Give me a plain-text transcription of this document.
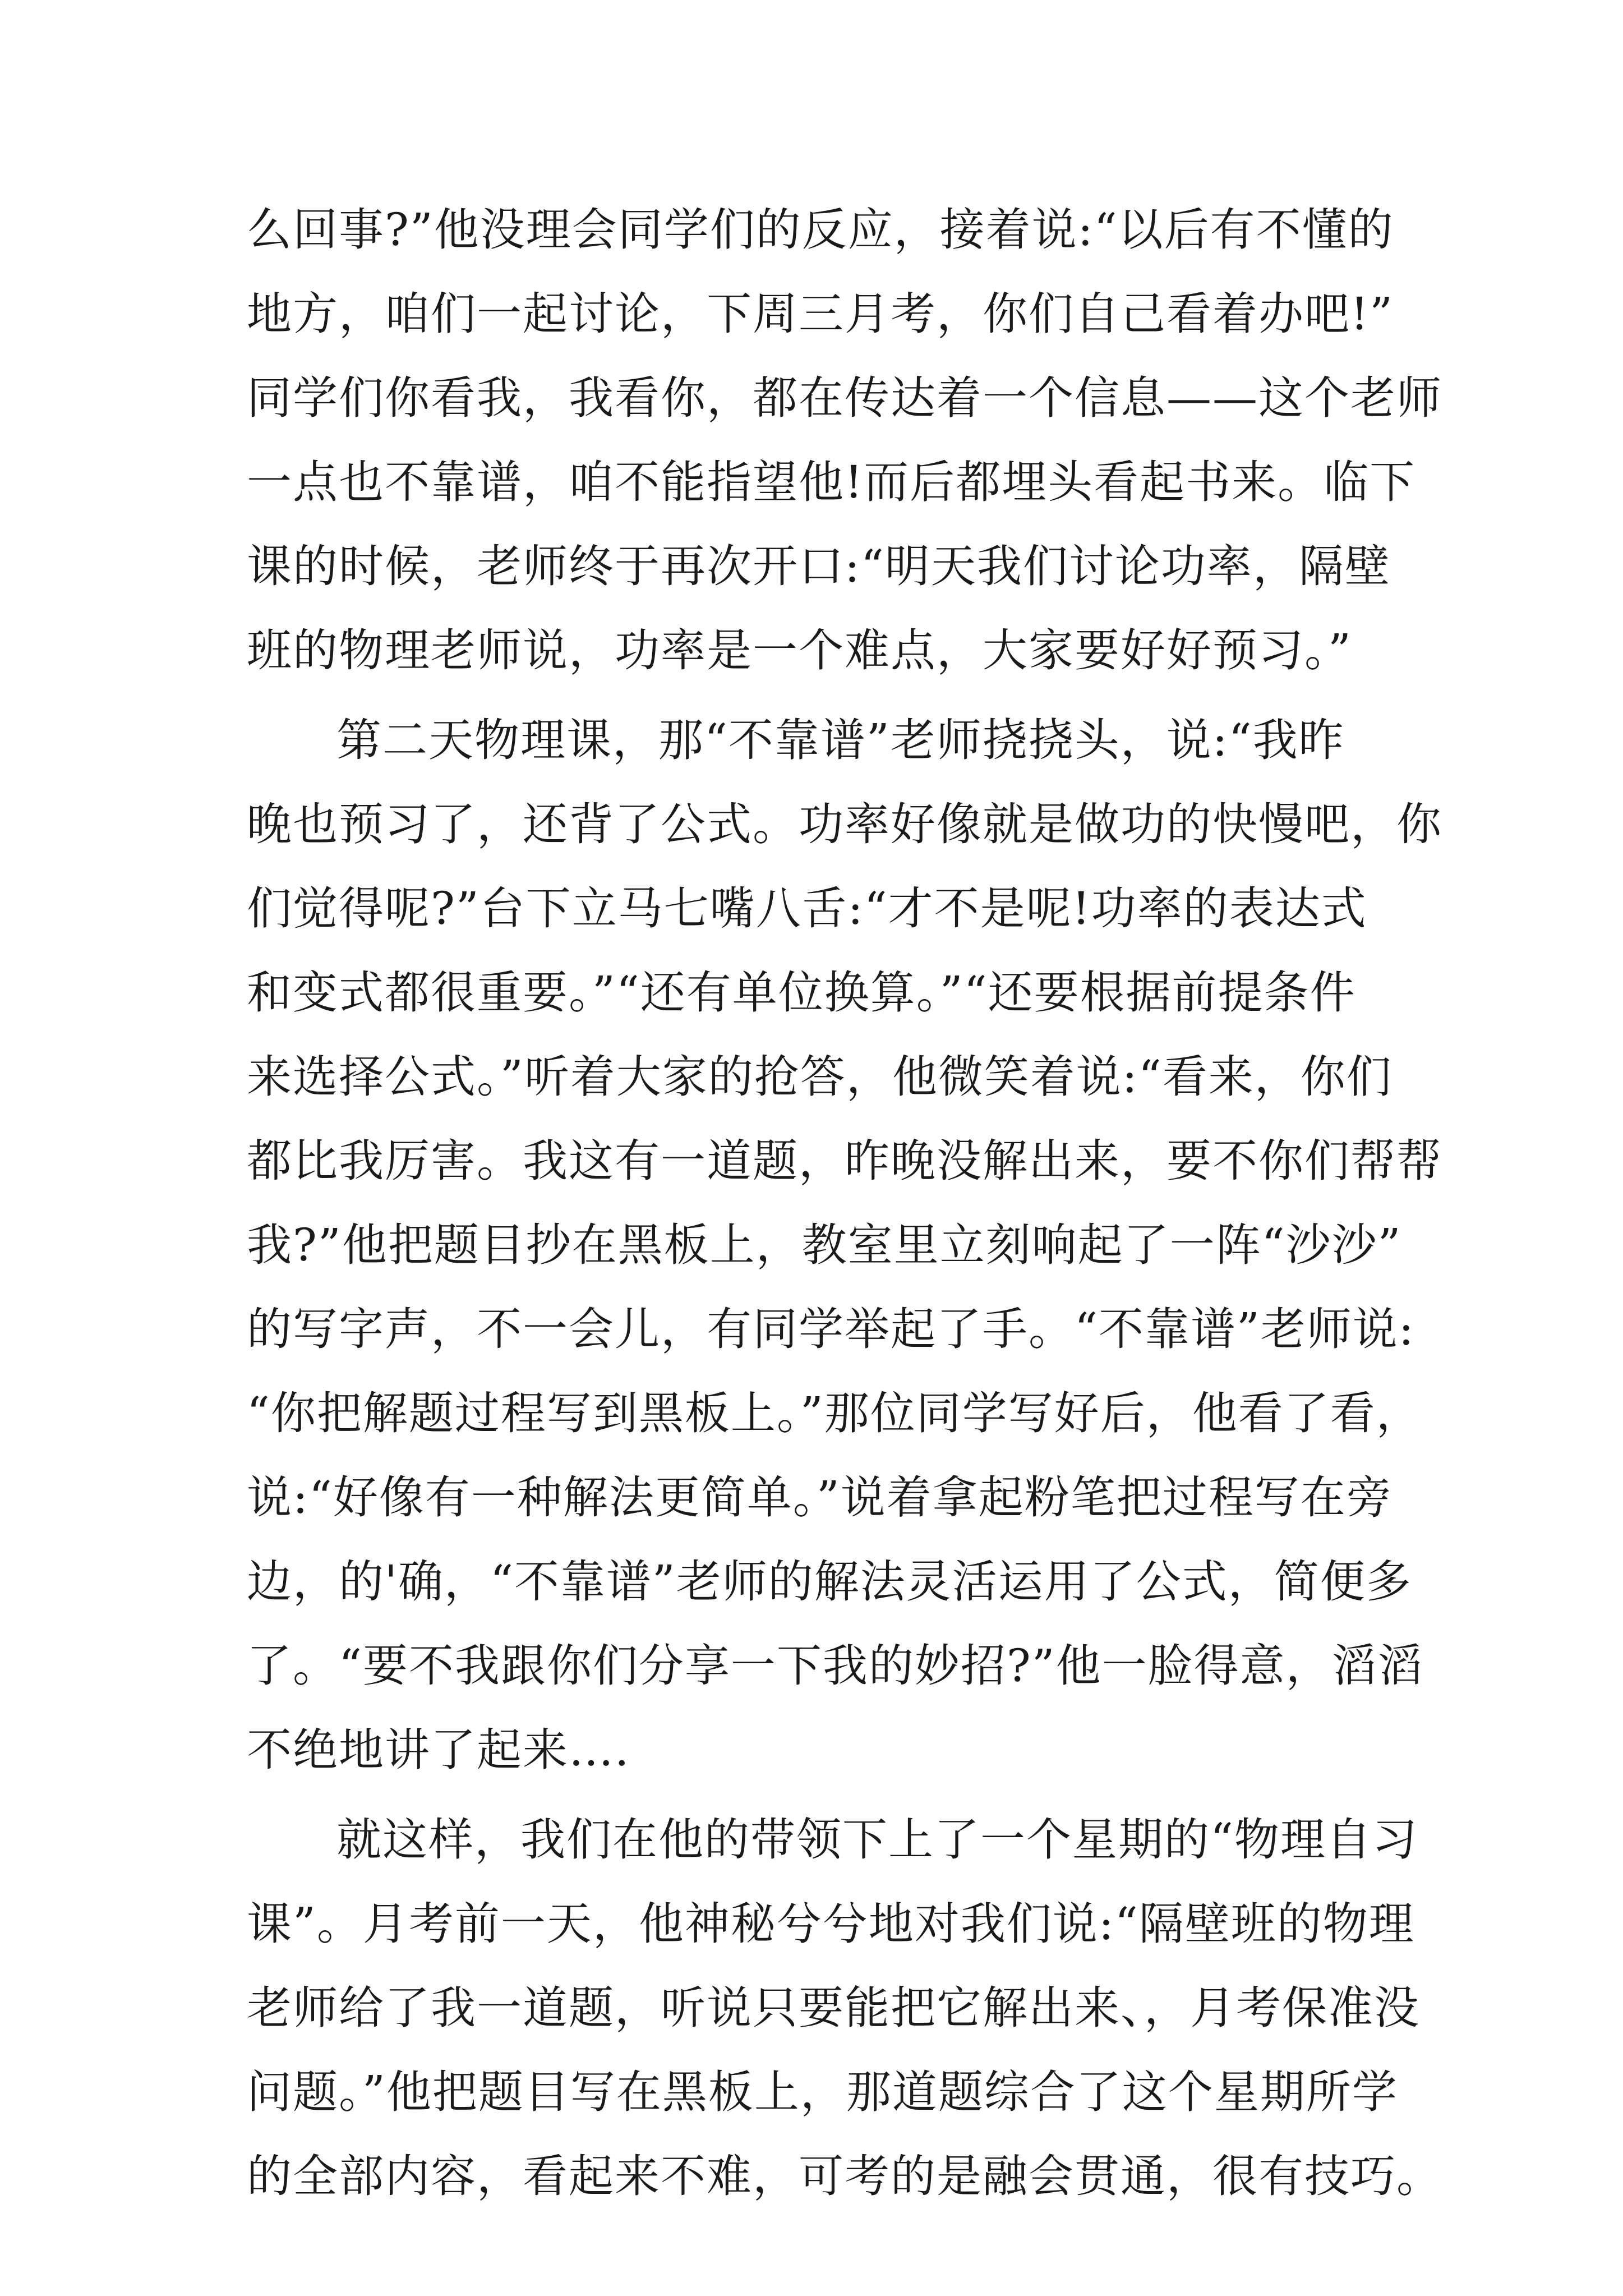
么回事?”他没理会同学们的反应，接着说:“以后有不懂的
地方，咱们一起讨论，下周三月考，你们自己看着办吧!”
同学们你看我，我看你，都在传达着一个信息——这个老师
一点也不靠谱，咱不能指望他!而后都埋头看起书来。临下
课的时候，老师终于再次开口:“明天我们讨论功率，隔壁
班的物理老师说，功率是一个难点，大家要好好预习。”
第二天物理课，那“不靠谱”老师挠挠头，说:“我昨
晚也预习了，还背了公式。功率好像就是做功的快慢吧，你
们觉得呢?”台下立马七嘴八舌:“才不是呢!功率的表达式
和变式都很重要。”“还有单位换算。”“还要根据前提条件
来选择公式。”听着大家的抢答，他微笑着说:“看来，你们
都比我厉害。我这有一道题，昨晚没解出来，要不你们帮帮
我?”他把题目抄在黑板上，教室里立刻响起了一阵“沙沙”
的写字声，不一会儿，有同学举起了手。“不靠谱”老师说:
“你把解题过程写到黑板上。”那位同学写好后，他看了看，
说:“好像有一种解法更简单。”说着拿起粉笔把过程写在旁
边，的'确，“不靠谱”老师的解法灵活运用了公式，简便多
了。“要不我跟你们分享一下我的妙招?”他一脸得意，滔滔
不绝地讲了起来….
就这样，我们在他的带领下上了一个星期的“物理自习
课”。月考前一天，他神秘兮兮地对我们说:“隔壁班的物理
老师给了我一道题，听说只要能把它解出来、，月考保准没
问题。”他把题目写在黑板上，那道题综合了这个星期所学
的全部内容，看起来不难，可考的是融会贯通，很有技巧。
